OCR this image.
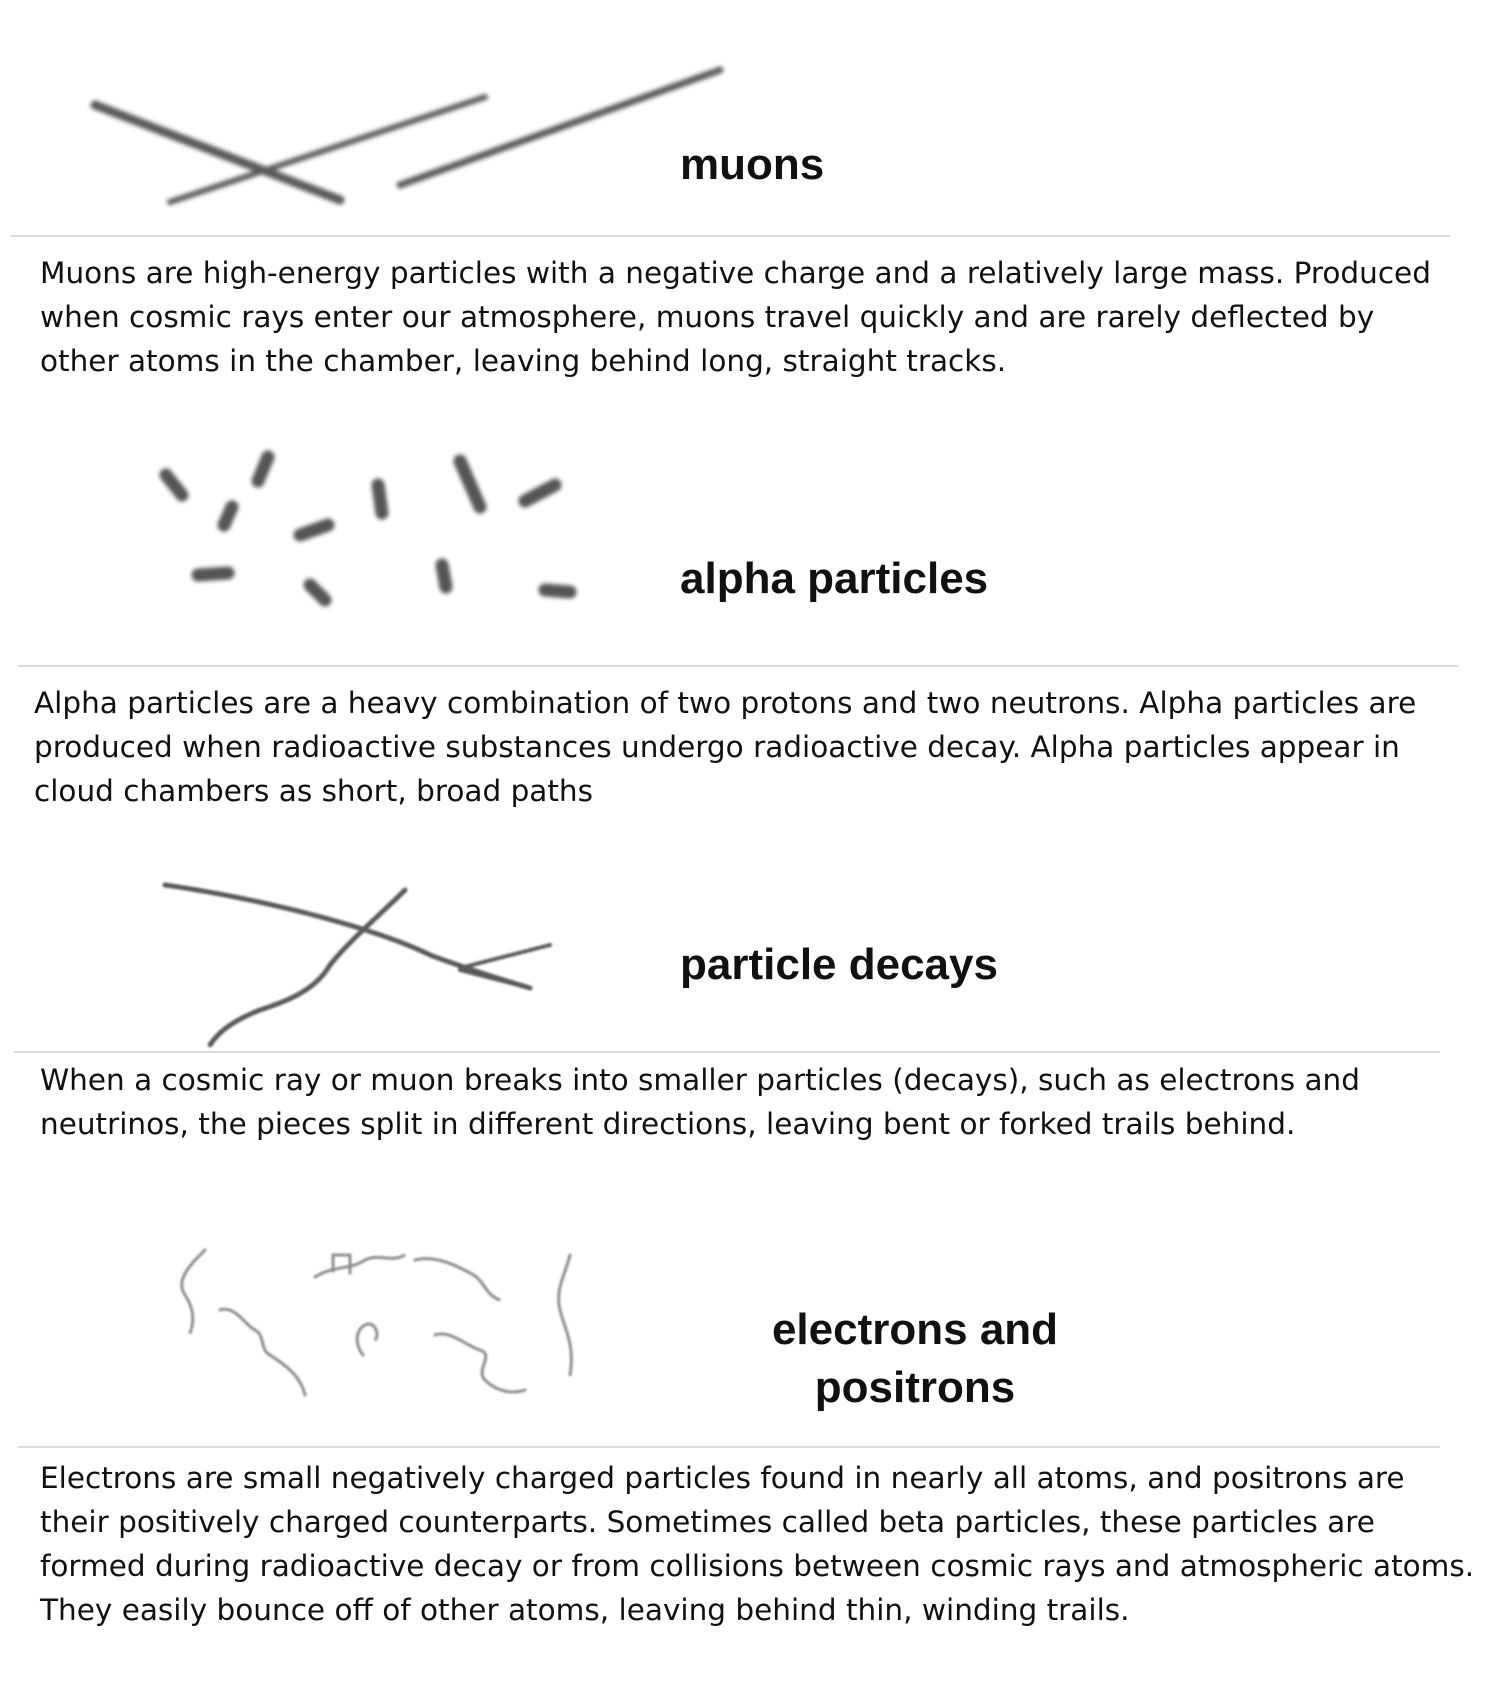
muons

Muons are high-energy particles with a negative charge and a relatively large mass. Produced when cosmic rays enter our atmosphere, muons travel quickly and are rarely deflected by other atoms in the chamber, leaving behind long, straight tracks.

alpha particles

Alpha particles are a heavy combination of two protons and two neutrons. Alpha particles are produced when radioactive substances undergo radioactive decay. Alpha particles appear in cloud chambers as short, broad paths

particle decays

When a cosmic ray or muon breaks into smaller particles (decays), such as electrons and neutrinos, the pieces split in different directions, leaving bent or forked trails behind.

electrons and positrons

Electrons are small negatively charged particles found in nearly all atoms, and positrons are their positively charged counterparts. Sometimes called beta particles, these particles are formed during radioactive decay or from collisions between cosmic rays and atmospheric atoms. They easily bounce off of other atoms, leaving behind thin, winding trails.
